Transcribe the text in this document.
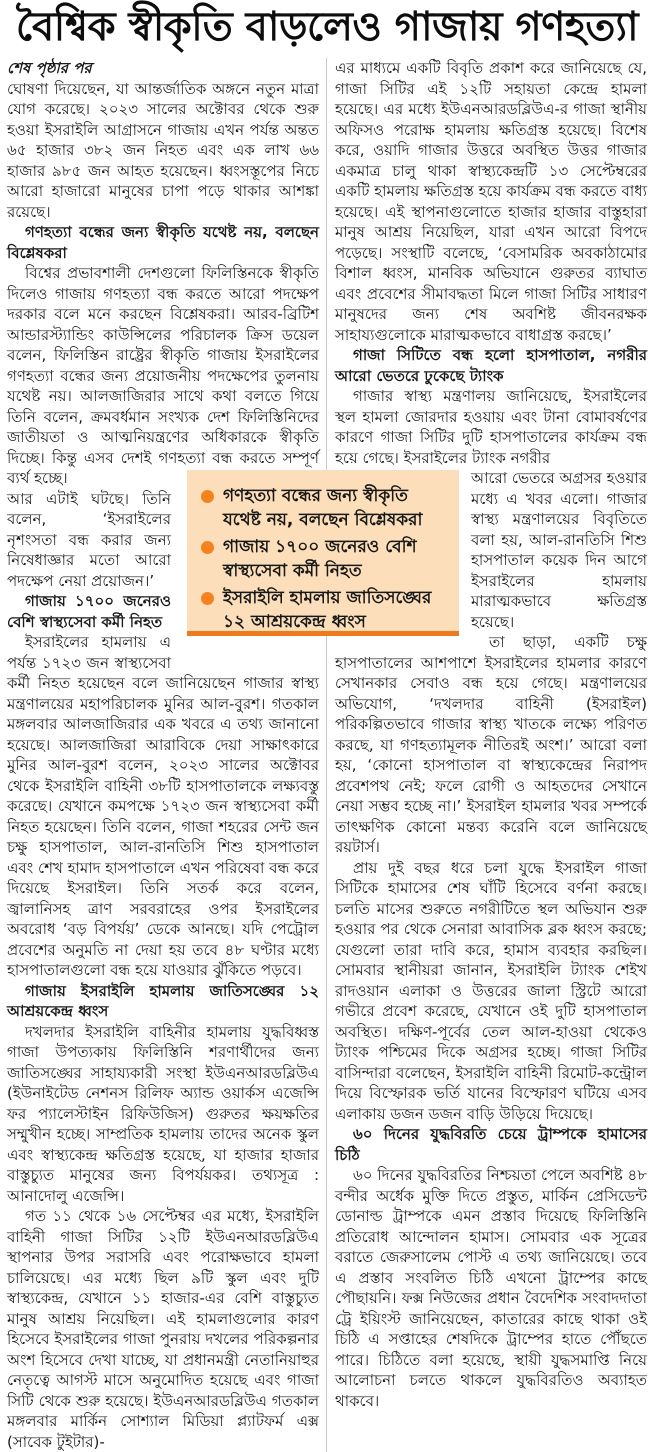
বৈশ্বিক স্বীকৃতি বাড়লেও গাজায় গণহত্যা

শেষ পৃষ্ঠার পর

ঘোষণা দিয়েছেন, যা আন্তর্জাতিক অঙ্গনে নতুন মাত্রা যোগ করেছে। ২০২৩ সালের অক্টোবর থেকে শুরু হওয়া ইসরাইলি আগ্রাসনে গাজায় এখন পর্যন্ত অন্তত ৬৫ হাজার ৩৮২ জন নিহত এবং এক লাখ ৬৬ হাজার ৯৮৫ জন আহত হয়েছেন। ধ্বংসস্তূপের নিচে আরো হাজারো মানুষের চাপা পড়ে থাকার আশঙ্কা রয়েছে।

গণহত্যা বন্ধের জন্য স্বীকৃতি যথেষ্ট নয়, বলছেন বিশ্লেষকরা

বিশ্বের প্রভাবশালী দেশগুলো ফিলিস্তিনকে স্বীকৃতি দিলেও গাজায় গণহত্যা বন্ধ করতে আরো পদক্ষেপ দরকার বলে মনে করছেন বিশ্লেষকরা। আরব-ব্রিটিশ আন্ডারস্ট্যান্ডিং কাউন্সিলের পরিচালক ক্রিস ডয়েল বলেন, ফিলিস্তিন রাষ্ট্রের স্বীকৃতি গাজায় ইসরাইলের গণহত্যা বন্ধের জন্য প্রয়োজনীয় পদক্ষেপের তুলনায় যথেষ্ট নয়। আলজাজিরার সাথে কথা বলতে গিয়ে তিনি বলেন, ক্রমবর্ধমান সংখ্যক দেশ ফিলিস্তিনিদের জাতীয়তা ও আত্মনিয়ন্ত্রণের অধিকারকে স্বীকৃতি দিচ্ছে। কিন্তু এসব দেশই গণহত্যা বন্ধ করতে সম্পূর্ণ ব্যর্থ হচ্ছে।

আর এটাই ঘটছে। তিনি বলেন, ‘ইসরাইলের নৃশংসতা বন্ধ করার জন্য নিষেধাজ্ঞার মতো আরো পদক্ষেপ নেয়া প্রয়োজন।’

গাজায় ১৭০০ জনেরও বেশি স্বাস্থ্যসেবা কর্মী নিহত

ইসরাইলের হামলায় এ পর্যন্ত ১৭২৩ জন স্বাস্থ্যসেবা কর্মী নিহত হয়েছেন বলে জানিয়েছেন গাজার স্বাস্থ্য মন্ত্রণালয়ের মহাপরিচালক মুনির আল-বুরশ। গতকাল মঙ্গলবার আলজাজিরার এক খবরে এ তথ্য জানানো হয়েছে। আলজাজিরা আরাবিকে দেয়া সাক্ষাৎকারে মুনির আল-বুরশ বলেন, ২০২৩ সালের অক্টোবর থেকে ইসরাইলি বাহিনী ৩৮টি হাসপাতালকে লক্ষ্যবস্তু করেছে। যেখানে কমপক্ষে ১৭২৩ জন স্বাস্থ্যসেবা কর্মী নিহত হয়েছেন। তিনি বলেন, গাজা শহরের সেন্ট জন চক্ষু হাসপাতাল, আল-রানতিসি শিশু হাসপাতাল এবং শেখ হামাদ হাসপাতালে এখন পরিষেবা বন্ধ করে দিয়েছে ইসরাইল। তিনি সতর্ক করে বলেন, জ্বালানিসহ ত্রাণ সরবরাহের ওপর ইসরাইলের অবরোধ ‘বড় বিপর্যয়’ ডেকে আনছে। যদি পেট্রোল প্রবেশের অনুমতি না দেয়া হয় তবে ৪৮ ঘণ্টার মধ্যে হাসপাতালগুলো বন্ধ হয়ে যাওয়ার ঝুঁকিতে পড়বে।

গাজায় ইসরাইলি হামলায় জাতিসঙ্ঘের ১২ আশ্রয়কেন্দ্র ধ্বংস

দখলদার ইসরাইলি বাহিনীর হামলায় যুদ্ধবিধ্বস্ত গাজা উপত্যকায় ফিলিস্তিনি শরণার্থীদের জন্য জাতিসঙ্ঘের সাহায্যকারী সংস্থা ইউএনআরডব্লিউএ (ইউনাইটেড নেশনস রিলিফ অ্যান্ড ওয়ার্কস এজেন্সি ফর প্যালেস্টাইন রিফিউজিস) গুরুতর ক্ষয়ক্ষতির সম্মুখীন হচ্ছে। সাম্প্রতিক হামলায় তাদের অনেক স্কুল এবং স্বাস্থ্যকেন্দ্র ক্ষতিগ্রস্ত হয়েছে, যা হাজার হাজার বাস্তুচ্যুত মানুষের জন্য বিপর্যয়কর। তথ্যসূত্র : আনাদোলু এজেন্সি।

গত ১১ থেকে ১৬ সেপ্টেম্বর এর মধ্যে, ইসরাইলি বাহিনী গাজা সিটির ১২টি ইউএনআরডব্লিউএ স্থাপনার উপর সরাসরি এবং পরোক্ষভাবে হামলা চালিয়েছে। এর মধ্যে ছিল ৯টি স্কুল এবং দুটি স্বাস্থ্যকেন্দ্র, যেখানে ১১ হাজার-এর বেশি বাস্তুচ্যুত মানুষ আশ্রয় নিয়েছিল। এই হামলাগুলোর কারণ হিসেবে ইসরাইলের গাজা পুনরায় দখলের পরিকল্পনার অংশ হিসেবে দেখা যাচ্ছে, যা প্রধানমন্ত্রী নেতানিয়াহুর নেতৃত্বে আগস্ট মাসে অনুমোদিত হয়েছে এবং গাজা সিটি থেকে শুরু হয়েছে। ইউএনআরডব্লিউএ গতকাল মঙ্গলবার মার্কিন সোশ্যাল মিডিয়া প্ল্যাটফর্ম এক্স (সাবেক টুইটার)-

এর মাধ্যমে একটি বিবৃতি প্রকাশ করে জানিয়েছে যে, গাজা সিটির এই ১২টি সহায়তা কেন্দ্রে হামলা হয়েছে। এর মধ্যে ইউএনআরডব্লিউএ-র গাজা স্থানীয় অফিসও পরোক্ষ হামলায় ক্ষতিগ্রস্ত হয়েছে। বিশেষ করে, ওয়াদি গাজার উত্তরে অবস্থিত উত্তর গাজার একমাত্র চালু থাকা স্বাস্থ্যকেন্দ্রটি ১৩ সেপ্টেম্বরের একটি হামলায় ক্ষতিগ্রস্ত হয়ে কার্যক্রম বন্ধ করতে বাধ্য হয়েছে। এই স্থাপনাগুলোতে হাজার হাজার বাস্তুহারা মানুষ আশ্রয় নিয়েছিল, যারা এখন আরো বিপদে পড়েছে। সংস্থাটি বলেছে, ‘বেসামরিক অবকাঠামোর বিশাল ধ্বংস, মানবিক অভিযানে গুরুতর ব্যাঘাত এবং প্রবেশের সীমাবদ্ধতা মিলে গাজা সিটির সাধারণ মানুষদের জন্য শেষ অবশিষ্ট জীবনরক্ষক সাহায্যগুলোকে মারাত্মকভাবে বাধাগ্রস্ত করছে।’

গাজা সিটিতে বন্ধ হলো হাসপাতাল, নগরীর আরো ভেতরে ঢুকেছে ট্যাংক

গাজার স্বাস্থ্য মন্ত্রণালয় জানিয়েছে, ইসরাইলের স্থল হামলা জোরদার হওয়ায় এবং টানা বোমাবর্ষণের কারণে গাজা সিটির দুটি হাসপাতালের কার্যক্রম বন্ধ হয়ে গেছে। ইসরাইলের ট্যাংক নগরীর

আরো ভেতরে অগ্রসর হওয়ার মধ্যে এ খবর এলো। গাজার স্বাস্থ্য মন্ত্রণালয়ের বিবৃতিতে বলা হয়, আল-রানতিসি শিশু হাসপাতাল কয়েক দিন আগে ইসরাইলের হামলায় মারাত্মকভাবে ক্ষতিগ্রস্ত হয়েছে।

তা ছাড়া, একটি চক্ষু হাসপাতালের আশপাশে ইসরাইলের হামলার কারণে সেখানকার সেবাও বন্ধ হয়ে গেছে। মন্ত্রণালয়ের অভিযোগ, ‘দখলদার বাহিনী (ইসরাইল) পরিকল্পিতভাবে গাজার স্বাস্থ্য খাতকে লক্ষ্যে পরিণত করছে, যা গণহত্যামূলক নীতিরই অংশ।’ আরো বলা হয়, ‘কোনো হাসপাতাল বা স্বাস্থ্যকেন্দ্রের নিরাপদ প্রবেশপথ নেই; ফলে রোগী ও আহতদের সেখানে নেয়া সম্ভব হচ্ছে না।’ ইসরাইল হামলার খবর সম্পর্কে তাৎক্ষণিক কোনো মন্তব্য করেনি বলে জানিয়েছে রয়টার্স।

প্রায় দুই বছর ধরে চলা যুদ্ধে ইসরাইল গাজা সিটিকে হামাসের শেষ ঘাঁটি হিসেবে বর্ণনা করছে। চলতি মাসের শুরুতে নগরীটিতে স্থল অভিযান শুরু হওয়ার পর থেকে সেনারা আবাসিক ব্লক ধ্বংস করছে; যেগুলো তারা দাবি করে, হামাস ব্যবহার করছিল। সোমবার স্থানীয়রা জানান, ইসরাইলি ট্যাংক শেইখ রাদওয়ান এলাকা ও উত্তরের জালা স্ট্রিটে আরো গভীরে প্রবেশ করেছে, যেখানে ওই দুটি হাসপাতাল অবস্থিত। দক্ষিণ-পূর্বের তেল আল-হাওয়া থেকেও ট্যাংক পশ্চিমের দিকে অগ্রসর হচ্ছে। গাজা সিটির বাসিন্দারা বলেছেন, ইসরাইলি বাহিনী রিমোট-কন্ট্রোল দিয়ে বিস্ফোরক ভর্তি যানের বিস্ফোরণ ঘটিয়ে এসব এলাকায় ডজন ডজন বাড়ি উড়িয়ে দিয়েছে।

৬০ দিনের যুদ্ধবিরতি চেয়ে ট্রাম্পকে হামাসের চিঠি

৬০ দিনের যুদ্ধবিরতির নিশ্চয়তা পেলে অবশিষ্ট ৪৮ বন্দীর অর্ধেক মুক্তি দিতে প্রস্তুত, মার্কিন প্রেসিডেন্ট ডোনাল্ড ট্রাম্পকে এমন প্রস্তাব দিয়েছে ফিলিস্তিনি প্রতিরোধ আন্দোলন হামাস। সোমবার এক সূত্রের বরাতে জেরুসালেম পোস্ট এ তথ্য জানিয়েছে। তবে এ প্রস্তাব সংবলিত চিঠি এখনো ট্রাম্পের কাছে পৌছায়নি। ফক্স নিউজের প্রধান বৈদেশিক সংবাদদাতা ট্রে ইয়িংস্ট জানিয়েছেন, কাতারের কাছে থাকা ওই চিঠি এ সপ্তাহের শেষদিকে ট্রাম্পের হাতে পৌঁছতে পারে। চিঠিতে বলা হয়েছে, স্থায়ী যুদ্ধসমাপ্তি নিয়ে আলোচনা চলতে থাকলে যুদ্ধবিরতিও অব্যাহত থাকবে।

গণহত্যা বন্ধের জন্য স্বীকৃতি যথেষ্ট নয়, বলছেন বিশ্লেষকরা
গাজায় ১৭০০ জনেরও বেশি স্বাস্থ্যসেবা কর্মী নিহত
ইসরাইলি হামলায় জাতিসঙ্ঘের ১২ আশ্রয়কেন্দ্র ধ্বংস
